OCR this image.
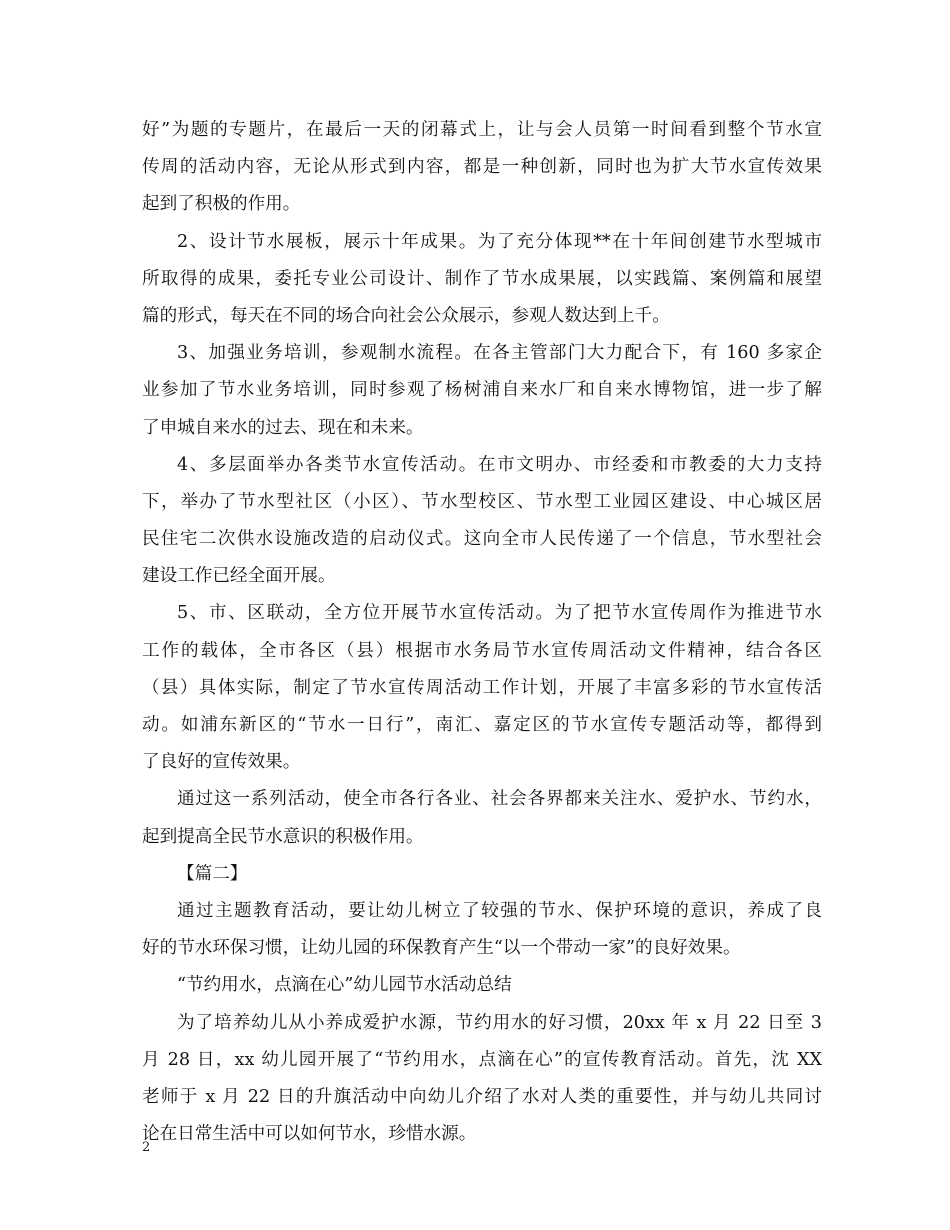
好”为题的专题片，在最后一天的闭幕式上，让与会人员第一时间看到整个节水宣
传周的活动内容，无论从形式到内容，都是一种创新，同时也为扩大节水宣传效果
起到了积极的作用。
2、设计节水展板，展示十年成果。为了充分体现**在十年间创建节水型城市
所取得的成果，委托专业公司设计、制作了节水成果展，以实践篇、案例篇和展望
篇的形式，每天在不同的场合向社会公众展示，参观人数达到上千。
3、加强业务培训，参观制水流程。在各主管部门大力配合下，有 160 多家企
业参加了节水业务培训，同时参观了杨树浦自来水厂和自来水博物馆，进一步了解
了申城自来水的过去、现在和未来。
4、多层面举办各类节水宣传活动。在市文明办、市经委和市教委的大力支持
下，举办了节水型社区（小区）、节水型校区、节水型工业园区建设、中心城区居
民住宅二次供水设施改造的启动仪式。这向全市人民传递了一个信息，节水型社会
建设工作已经全面开展。
5、市、区联动，全方位开展节水宣传活动。为了把节水宣传周作为推进节水
工作的载体，全市各区（县）根据市水务局节水宣传周活动文件精神，结合各区
（县）具体实际，制定了节水宣传周活动工作计划，开展了丰富多彩的节水宣传活
动。如浦东新区的“节水一日行”，南汇、嘉定区的节水宣传专题活动等，都得到
了良好的宣传效果。
通过这一系列活动，使全市各行各业、社会各界都来关注水、爱护水、节约水，
起到提高全民节水意识的积极作用。
【篇二】
通过主题教育活动，要让幼儿树立了较强的节水、保护环境的意识，养成了良
好的节水环保习惯，让幼儿园的环保教育产生“以一个带动一家”的良好效果。
“节约用水，点滴在心”幼儿园节水活动总结
为了培养幼儿从小养成爱护水源，节约用水的好习惯，20xx 年 x 月 22 日至 3
月 28 日，xx 幼儿园开展了“节约用水，点滴在心”的宣传教育活动。首先，沈 XX
老师于 x 月 22 日的升旗活动中向幼儿介绍了水对人类的重要性，并与幼儿共同讨
论在日常生活中可以如何节水，珍惜水源。
2
